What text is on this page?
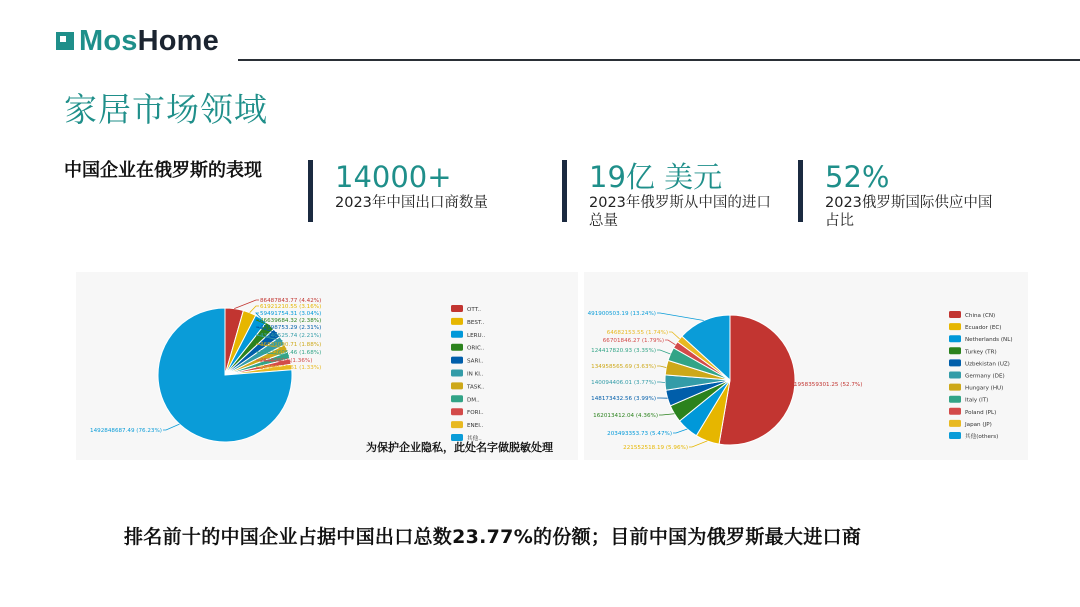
MosHome
家居市场领域
中国企业在俄罗斯的表现	14000+
2023年中国出口商数量
19亿 美元
2023年俄罗斯从中国的进口
总量
52%
2023俄罗斯国际供应中国
占比
86487843.77 (4.42%)
61921210.55 (3.16%)
59491754.31 (3.04%)
46639684.32 (2.38%)
45198753.29 (2.31%)
43240525.74 (2.21%)
36831090.71 (1.88%)
33022606.46 (1.68%)
26587604 (1.36%)
25993518.61 (1.33%)
1492848687.49 (76.23%)
OTT..
BEST..
LERU..
ORIC..
SARI..
IN KI..
TASK..
DM..
FORI..
ENEI..
其他..
1958359301.25 (52.7%)
221552518.19 (5.96%)
203493353.73 (5.47%)
162013412.04 (4.36%)
148173432.56 (3.99%)
140094406.01 (3.77%)
134958565.69 (3.63%)
124417820.93 (3.35%)
66701846.27 (1.79%)
64682153.55 (1.74%)
491900503.19 (13.24%)	China (CN)
Ecuador (EC)
Netherlands (NL)
Turkey (TR)
Uzbekistan (UZ)
Germany (DE)
Hungary (HU)
Italy (IT)
Poland (PL)
Japan (JP)
其他(others)
为保护企业隐私，此处名字做脱敏处理
排名前十的中国企业占据中国出口总数23.77%的份额；目前中国为俄罗斯最大进口商
